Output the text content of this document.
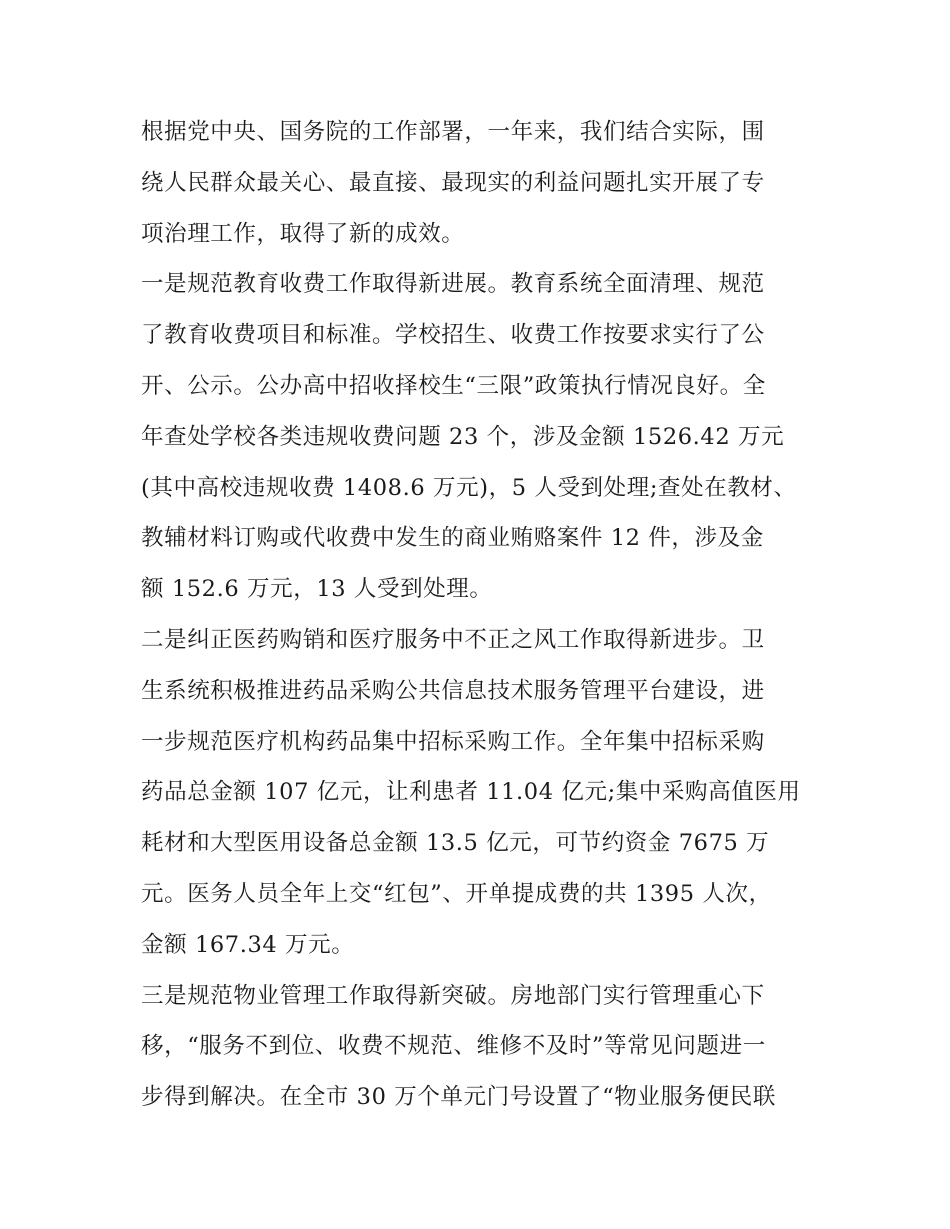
根据党中央、国务院的工作部署，一年来，我们结合实际，围
绕人民群众最关心、最直接、最现实的利益问题扎实开展了专
项治理工作，取得了新的成效。
一是规范教育收费工作取得新进展。教育系统全面清理、规范
了教育收费项目和标准。学校招生、收费工作按要求实行了公
开、公示。公办高中招收择校生“三限”政策执行情况良好。全
年查处学校各类违规收费问题 23 个，涉及金额 1526.42 万元
(其中高校违规收费 1408.6 万元)，5 人受到处理;查处在教材、
教辅材料订购或代收费中发生的商业贿赂案件 12 件，涉及金
额 152.6 万元，13 人受到处理。
二是纠正医药购销和医疗服务中不正之风工作取得新进步。卫
生系统积极推进药品采购公共信息技术服务管理平台建设，进
一步规范医疗机构药品集中招标采购工作。全年集中招标采购
药品总金额 107 亿元，让利患者 11.04 亿元;集中采购高值医用
耗材和大型医用设备总金额 13.5 亿元，可节约资金 7675 万
元。医务人员全年上交“红包”、开单提成费的共 1395 人次，
金额 167.34 万元。
三是规范物业管理工作取得新突破。房地部门实行管理重心下
移，“服务不到位、收费不规范、维修不及时”等常见问题进一
步得到解决。在全市 30 万个单元门号设置了“物业服务便民联
